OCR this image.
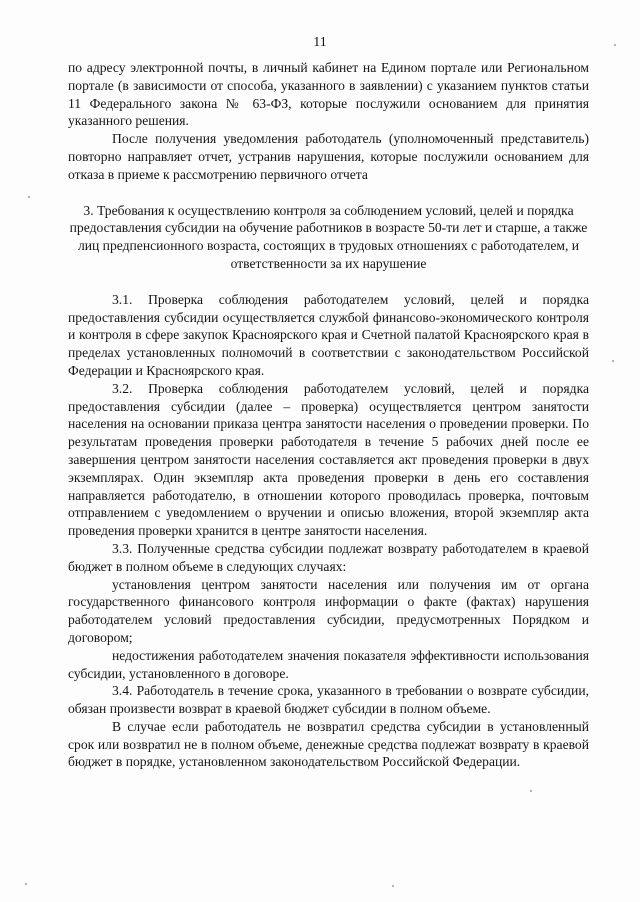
11

по адресу электронной почты, в личный кабинет на Едином портале или Региональном портале (в зависимости от способа, указанного в заявлении) с указанием пунктов статьи 11 Федерального закона № 63-ФЗ, которые послужили основанием для принятия указанного решения.

После получения уведомления работодатель (уполномоченный представитель) повторно направляет отчет, устранив нарушения, которые послужили основанием для отказа в приеме к рассмотрению первичного отчета

3. Требования к осуществлению контроля за соблюдением условий, целей и порядка предоставления субсидии на обучение работников в возрасте 50-ти лет и старше, а также лиц предпенсионного возраста, состоящих в трудовых отношениях с работодателем, и ответственности за их нарушение

3.1. Проверка соблюдения работодателем условий, целей и порядка предоставления субсидии осуществляется службой финансово-экономического контроля и контроля в сфере закупок Красноярского края и Счетной палатой Красноярского края в пределах установленных полномочий в соответствии с законодательством Российской Федерации и Красноярского края.

3.2. Проверка соблюдения работодателем условий, целей и порядка предоставления субсидии (далее – проверка) осуществляется центром занятости населения на основании приказа центра занятости населения о проведении проверки. По результатам проведения проверки работодателя в течение 5 рабочих дней после ее завершения центром занятости населения составляется акт проведения проверки в двух экземплярах. Один экземпляр акта проведения проверки в день его составления направляется работодателю, в отношении которого проводилась проверка, почтовым отправлением с уведомлением о вручении и описью вложения, второй экземпляр акта проведения проверки хранится в центре занятости населения.

3.3. Полученные средства субсидии подлежат возврату работодателем в краевой бюджет в полном объеме в следующих случаях:

установления центром занятости населения или получения им от органа государственного финансового контроля информации о факте (фактах) нарушения работодателем условий предоставления субсидии, предусмотренных Порядком и договором;

недостижения работодателем значения показателя эффективности использования субсидии, установленного в договоре.

3.4. Работодатель в течение срока, указанного в требовании о возврате субсидии, обязан произвести возврат в краевой бюджет субсидии в полном объеме.

В случае если работодатель не возвратил средства субсидии в установленный срок или возвратил не в полном объеме, денежные средства подлежат возврату в краевой бюджет в порядке, установленном законодательством Российской Федерации.
